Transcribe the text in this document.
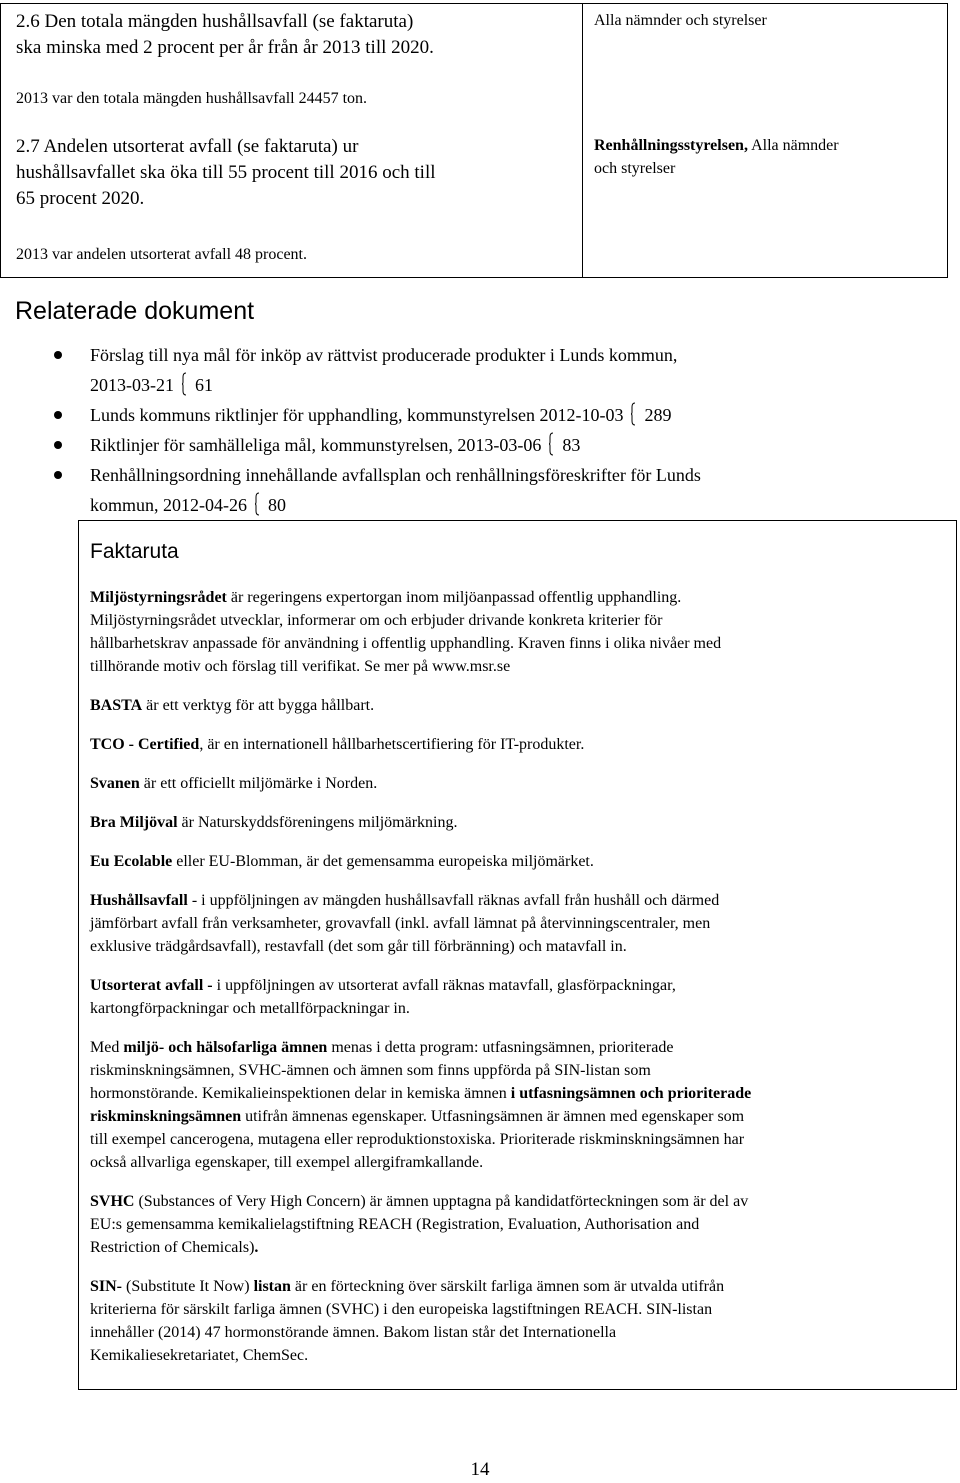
2.6 Den totala mängden hushållsavfall (se faktaruta)
ska minska med 2 procent per år från år 2013 till 2020.
2013 var den totala mängden hushållsavfall 24457 ton.
Alla nämnder och styrelser
2.7 Andelen utsorterat avfall (se faktaruta) ur
hushållsavfallet ska öka till 55 procent till 2016 och till
65 procent 2020.
2013 var andelen utsorterat avfall 48 procent.
Renhållningsstyrelsen, Alla nämnder
och styrelser
Relaterade dokument
Förslag till nya mål för inköp av rättvist producerade produkter i Lunds kommun,
2013-03-21 61
Lunds kommuns riktlinjer för upphandling, kommunstyrelsen 2012-10-03 289
Riktlinjer för samhälleliga mål, kommunstyrelsen, 2013-03-06 83
Renhållningsordning innehållande avfallsplan och renhållningsföreskrifter för Lunds
kommun, 2012-04-26 80
Faktaruta

Miljöstyrningsrådet är regeringens expertorgan inom miljöanpassad offentlig upphandling.
Miljöstyrningsrådet utvecklar, informerar om och erbjuder drivande konkreta kriterier för
hållbarhetskrav anpassade för användning i offentlig upphandling. Kraven finns i olika nivåer med
tillhörande motiv och förslag till verifikat. Se mer på www.msr.se

BASTA är ett verktyg för att bygga hållbart.

TCO - Certified, är en internationell hållbarhetscertifiering för IT-produkter.

Svanen är ett officiellt miljömärke i Norden.

Bra Miljöval är Naturskyddsföreningens miljömärkning.

Eu Ecolable eller EU-Blomman, är det gemensamma europeiska miljömärket.

Hushållsavfall - i uppföljningen av mängden hushållsavfall räknas avfall från hushåll och därmed
jämförbart avfall från verksamheter, grovavfall (inkl. avfall lämnat på återvinningscentraler, men
exklusive trädgårdsavfall), restavfall (det som går till förbränning) och matavfall in.

Utsorterat avfall - i uppföljningen av utsorterat avfall räknas matavfall, glasförpackningar,
kartongförpackningar och metallförpackningar in.

Med miljö- och hälsofarliga ämnen menas i detta program: utfasningsämnen, prioriterade
riskminskningsämnen, SVHC-ämnen och ämnen som finns uppförda på SIN-listan som
hormonstörande. Kemikalieinspektionen delar in kemiska ämnen i utfasningsämnen och prioriterade
riskminskningsämnen utifrån ämnenas egenskaper. Utfasningsämnen är ämnen med egenskaper som
till exempel cancerogena, mutagena eller reproduktionstoxiska. Prioriterade riskminskningsämnen har
också allvarliga egenskaper, till exempel allergiframkallande.

SVHC (Substances of Very High Concern) är ämnen upptagna på kandidatförteckningen som är del av
EU:s gemensamma kemikalielagstiftning REACH (Registration, Evaluation, Authorisation and
Restriction of Chemicals).

SIN- (Substitute It Now) listan är en förteckning över särskilt farliga ämnen som är utvalda utifrån
kriterierna för särskilt farliga ämnen (SVHC) i den europeiska lagstiftningen REACH. SIN-listan
innehåller (2014) 47 hormonstörande ämnen. Bakom listan står det Internationella
Kemikaliesekretariatet, ChemSec.

14
